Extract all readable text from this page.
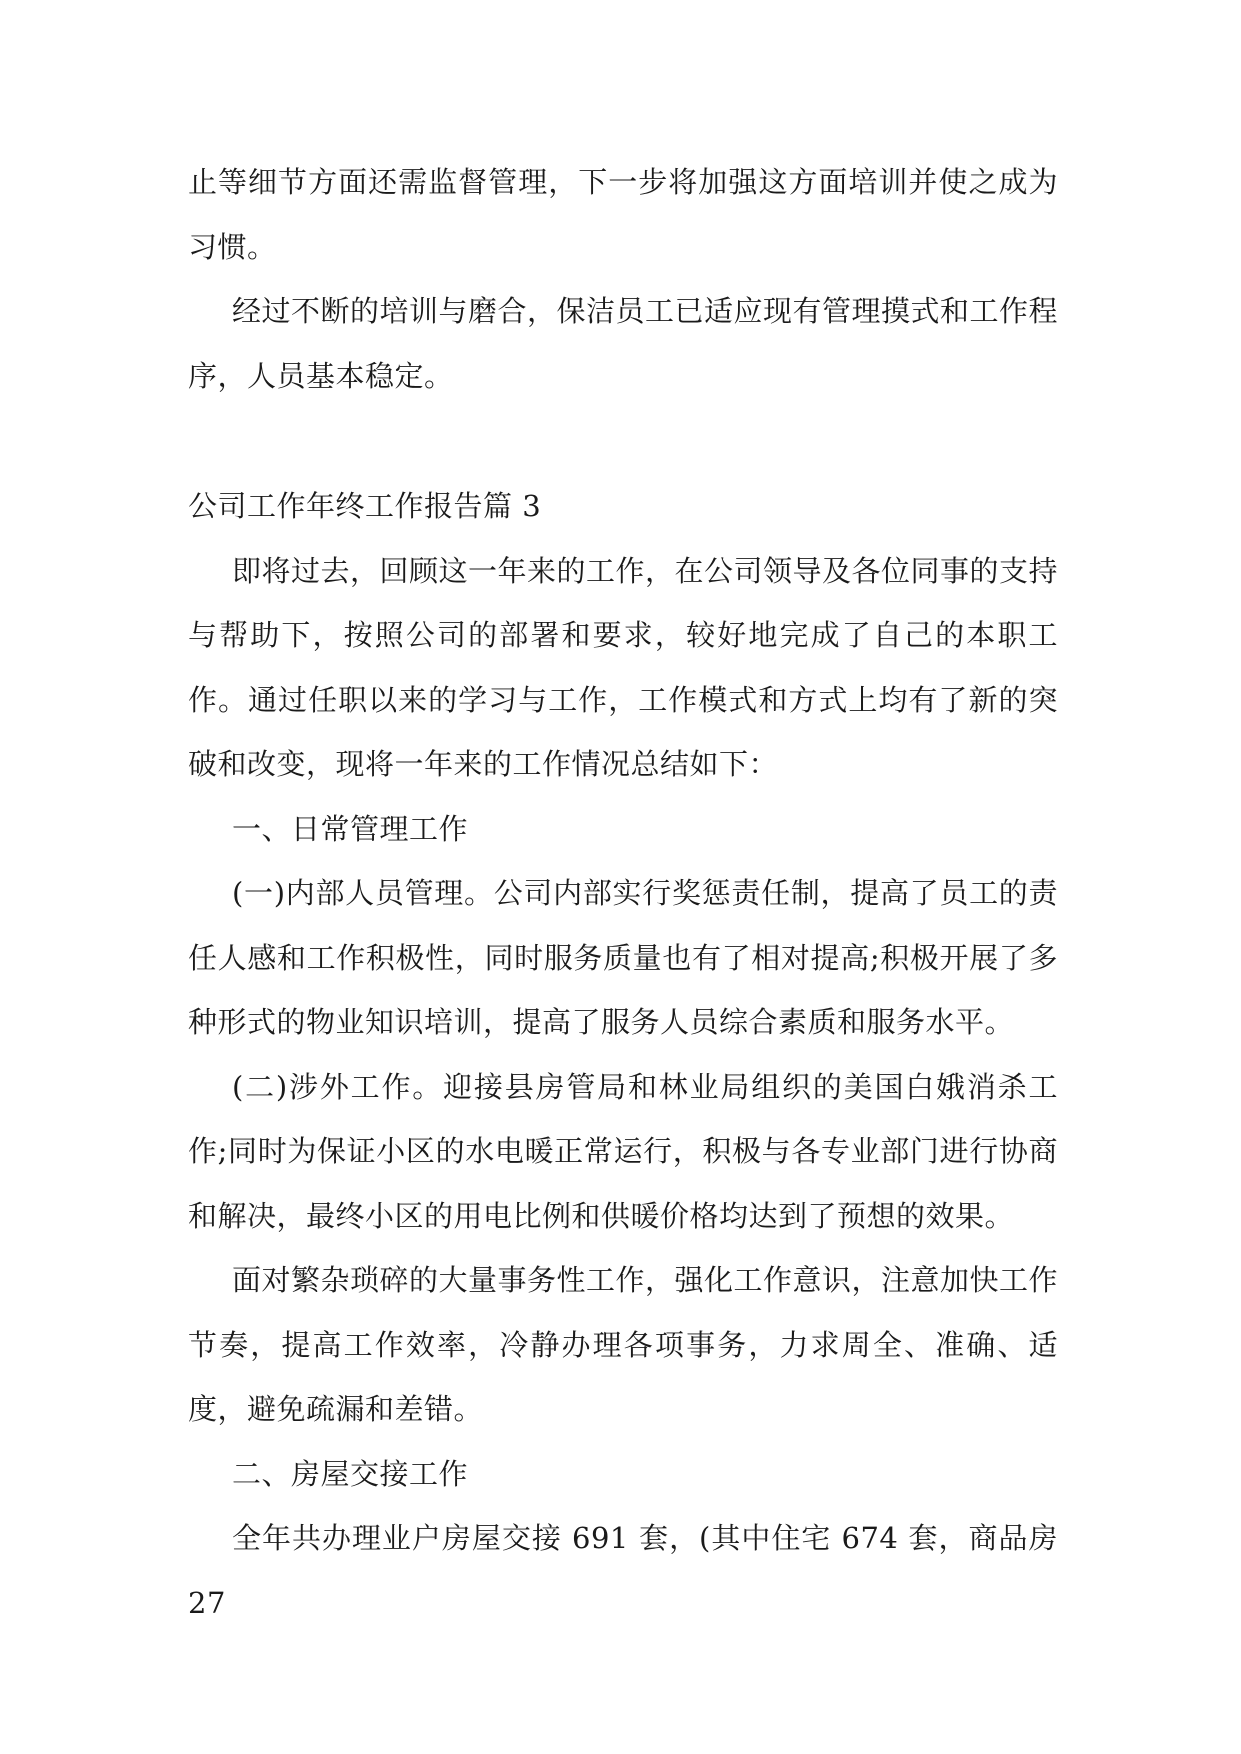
止等细节方面还需监督管理，下一步将加强这方面培训并使之成为习惯。

经过不断的培训与磨合，保洁员工已适应现有管理摸式和工作程序，人员基本稳定。

公司工作年终工作报告篇 3

即将过去，回顾这一年来的工作，在公司领导及各位同事的支持与帮助下，按照公司的部署和要求，较好地完成了自己的本职工作。通过任职以来的学习与工作，工作模式和方式上均有了新的突破和改变，现将一年来的工作情况总结如下：

一、日常管理工作

(一)内部人员管理。公司内部实行奖惩责任制，提高了员工的责任人感和工作积极性，同时服务质量也有了相对提高;积极开展了多种形式的物业知识培训，提高了服务人员综合素质和服务水平。

(二)涉外工作。迎接县房管局和林业局组织的美国白娥消杀工作;同时为保证小区的水电暖正常运行，积极与各专业部门进行协商和解决，最终小区的用电比例和供暖价格均达到了预想的效果。

面对繁杂琐碎的大量事务性工作，强化工作意识，注意加快工作节奏，提高工作效率，冷静办理各项事务，力求周全、准确、适度，避免疏漏和差错。

二、房屋交接工作

全年共办理业户房屋交接 691 套，(其中住宅 674 套，商品房 27
